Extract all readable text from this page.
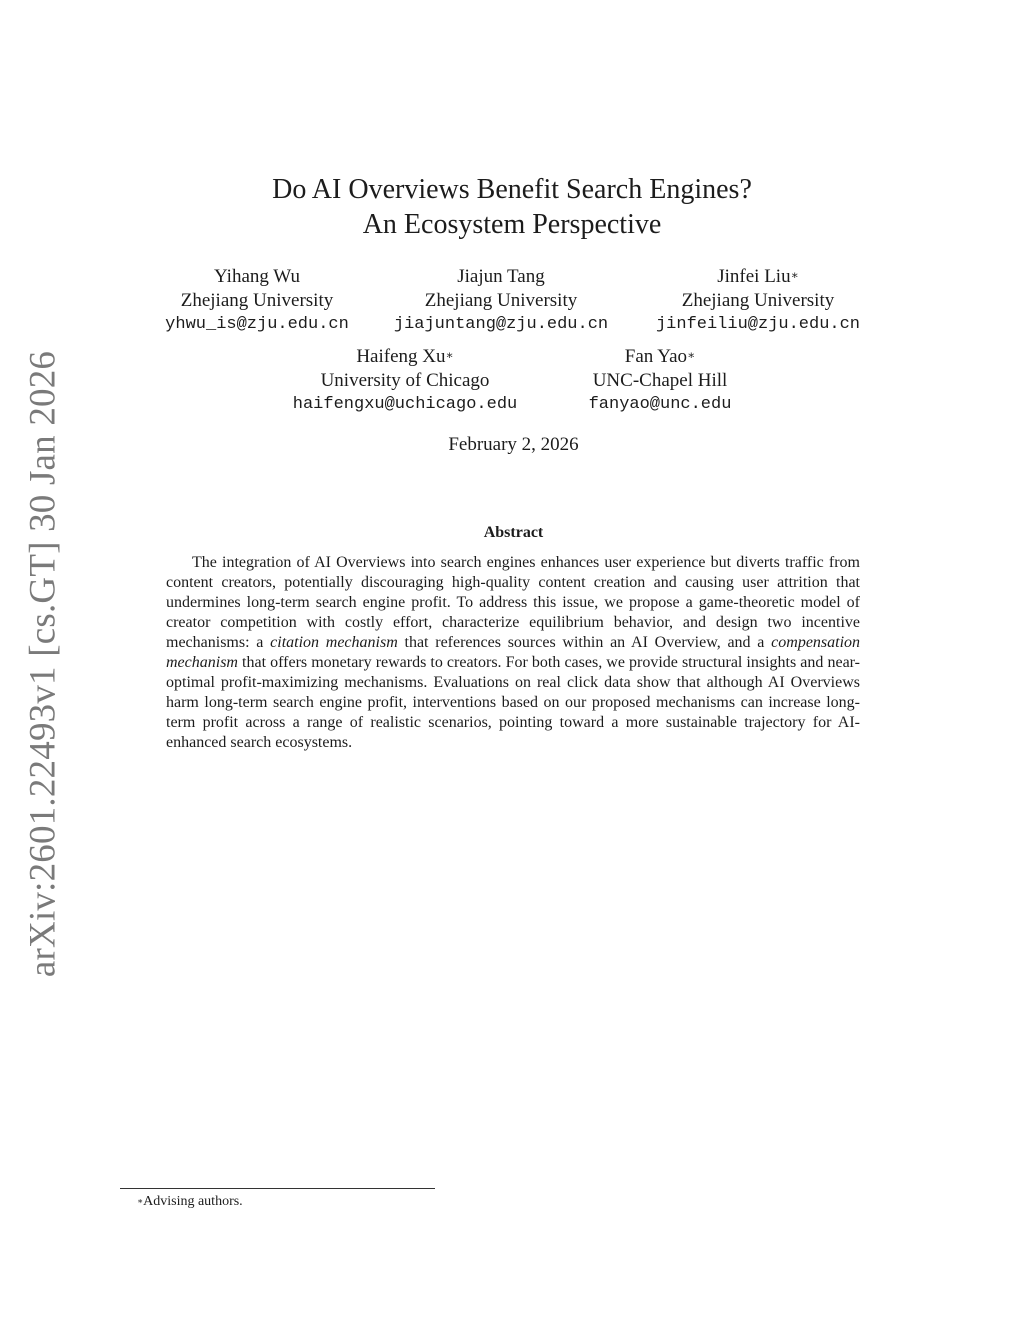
arXiv:2601.22493v1 [cs.GT] 30 Jan 2026
Do AI Overviews Benefit Search Engines?
An Ecosystem Perspective
Yihang Wu
Zhejiang University
yhwu_is@zju.edu.cn
Jiajun Tang
Zhejiang University
jiajuntang@zju.edu.cn
Jinfei Liu∗
Zhejiang University
jinfeiliu@zju.edu.cn
Haifeng Xu∗
University of Chicago
haifengxu@uchicago.edu
Fan Yao∗
UNC-Chapel Hill
fanyao@unc.edu
February 2, 2026
Abstract
The integration of AI Overviews into search engines enhances user experience but diverts traffic from content creators, potentially discouraging high-quality content creation and causing user attrition that undermines long-term search engine profit. To address this issue, we propose a game-theoretic model of creator competition with costly effort, characterize equilibrium behavior, and design two incentive mechanisms: a citation mechanism that references sources within an AI Overview, and a compensation mechanism that offers monetary rewards to creators. For both cases, we provide structural insights and near-optimal profit-maximizing mechanisms. Evaluations on real click data show that although AI Overviews harm long-term search engine profit, interventions based on our proposed mechanisms can increase long-term profit across a range of realistic scenarios, pointing toward a more sustainable trajectory for AI-enhanced search ecosystems.
∗Advising authors.
